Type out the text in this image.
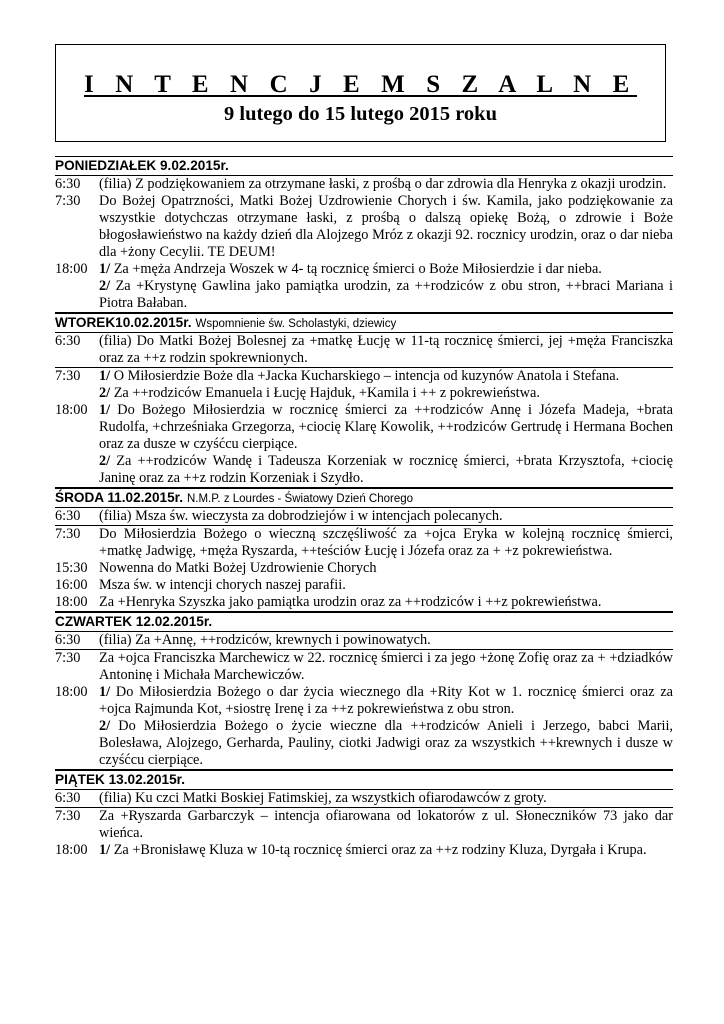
I N T E N C J E M S Z A L N E
9 lutego do 15 lutego 2015 roku
PONIEDZIAŁEK 9.02.2015r.
6:30	(filia) Z podziękowaniem za otrzymane łaski, z prośbą o dar zdrowia dla Henryka z okazji urodzin.
7:30	Do Bożej Opatrzności, Matki Bożej Uzdrowienie Chorych i św. Kamila, jako podziękowanie za wszystkie dotychczas otrzymane łaski, z prośbą o dalszą opiekę Bożą, o zdrowie i Boże błogosławieństwo na każdy dzień dla Alojzego Mróz z okazji 92. rocznicy urodzin, oraz o dar nieba dla +żony Cecylii. TE DEUM!
18:00 1/ Za +męża Andrzeja Woszek w 4- tą rocznicę śmierci o Boże Miłosierdzie i dar nieba.
2/ Za +Krystynę Gawlina jako pamiątka urodzin, za ++rodziców z obu stron, ++braci Mariana i Piotra Bałaban.
WTOREK10.02.2015r. Wspomnienie św. Scholastyki, dziewicy
6:30	(filia) Do Matki Bożej Bolesnej za +matkę Łucję w 11-tą rocznicę śmierci, jej +męża Franciszka oraz za ++z rodzin spokrewnionych.
7:30	1/ O Miłosierdzie Boże dla +Jacka Kucharskiego – intencja od kuzynów Anatola i Stefana.
2/ Za ++rodziców Emanuela i Łucję Hajduk, +Kamila i ++ z pokrewieństwa.
18:00 1/ Do Bożego Miłosierdzia w rocznicę śmierci za ++rodziców Annę i Józefa Madeja, +brata Rudolfa, +chrześniaka Grzegorza, +ciocię Klarę Kowolik, ++rodziców Gertrudę i Hermana Bochen oraz za dusze w czyśćcu cierpiące.
2/ Za ++rodziców Wandę i Tadeusza Korzeniak w rocznicę śmierci, +brata Krzysztofa, +ciocię Janinę oraz za ++z rodzin Korzeniak i Szydło.
ŚRODA 11.02.2015r. N.M.P. z Lourdes - Światowy Dzień Chorego
6:30	(filia) Msza św. wieczysta za dobrodziejów i w intencjach polecanych.
7:30	Do Miłosierdzia Bożego o wieczną szczęśliwość za +ojca Eryka w kolejną rocznicę śmierci, +matkę Jadwigę, +męża Ryszarda, ++teściów Łucję i Józefa oraz za + +z pokrewieństwa.
15:30 Nowenna do Matki Bożej Uzdrowienie Chorych
16:00 Msza św. w intencji chorych naszej parafii.
18:00 Za +Henryka Szyszka jako pamiątka urodzin oraz za ++rodziców i ++z pokrewieństwa.
CZWARTEK 12.02.2015r.
6:30	(filia) Za +Annę, ++rodziców, krewnych i powinowatych.
7:30	Za +ojca Franciszka Marchewicz w 22. rocznicę śmierci i za jego +żonę Zofię oraz za + +dziadków Antoninę i Michała Marchewiczów.
18:00 1/ Do Miłosierdzia Bożego o dar życia wiecznego dla +Rity Kot w 1. rocznicę śmierci oraz za +ojca Rajmunda Kot, +siostrę Irenę i za ++z pokrewieństwa z obu stron.
2/ Do Miłosierdzia Bożego o życie wieczne dla ++rodziców Anieli i Jerzego, babci Marii, Bolesława, Alojzego, Gerharda, Pauliny, ciotki Jadwigi oraz za wszystkich ++krewnych i dusze w czyśćcu cierpiące.
PIĄTEK 13.02.2015r.
6:30	(filia) Ku czci Matki Boskiej Fatimskiej, za wszystkich ofiarodawców z groty.
7:30	Za +Ryszarda Garbarczyk – intencja ofiarowana od lokatorów z ul. Słoneczników 73 jako dar wieńca.
18:00 1/ Za +Bronisławę Kluza w 10-tą rocznicę śmierci oraz za ++z rodziny Kluza, Dyrgała i Krupa.
